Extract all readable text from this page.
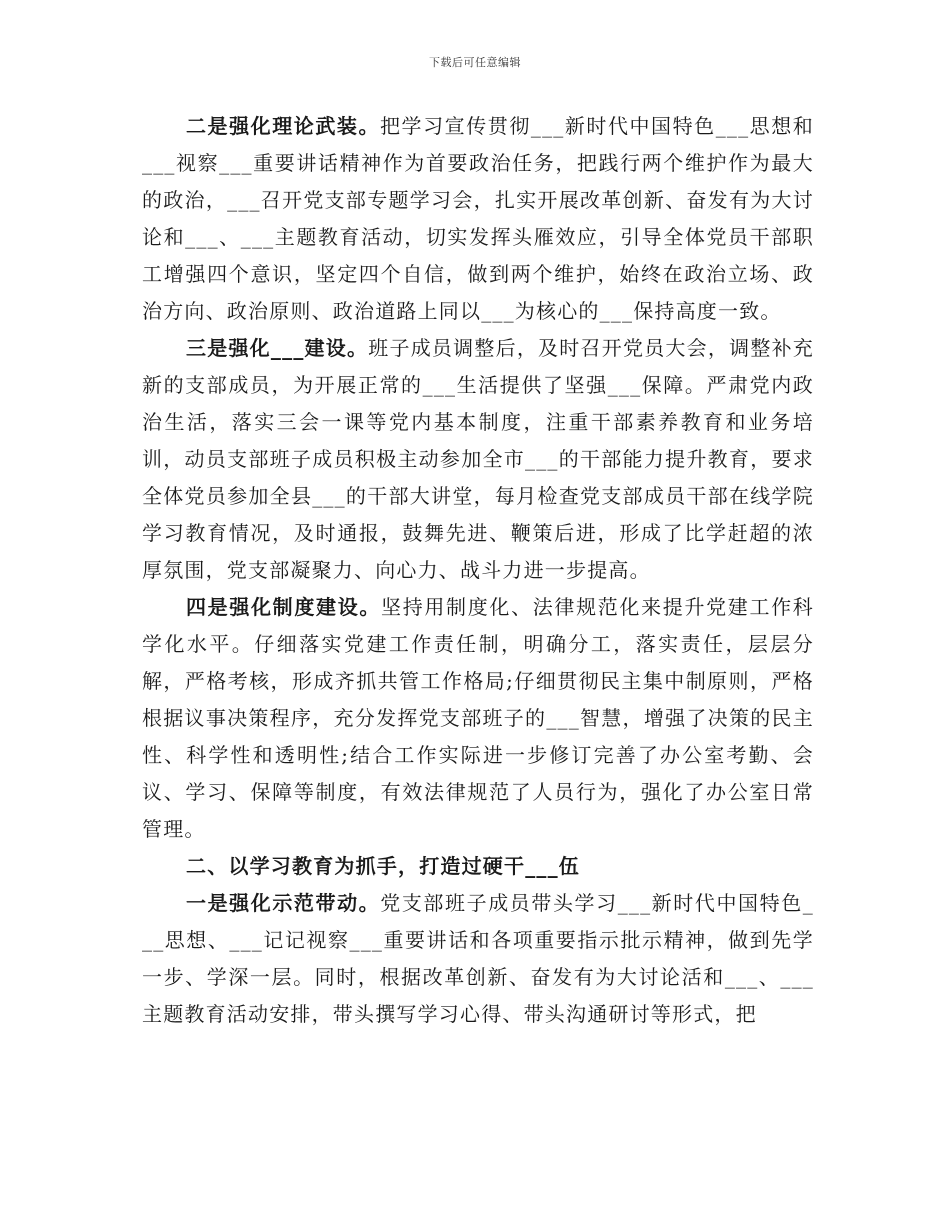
下载后可任意编辑

二是强化理论武装。把学习宣传贯彻___新时代中国特色___思想和___视察___重要讲话精神作为首要政治任务，把践行两个维护作为最大的政治，___召开党支部专题学习会，扎实开展改革创新、奋发有为大讨论和___、___主题教育活动，切实发挥头雁效应，引导全体党员干部职工增强四个意识，坚定四个自信，做到两个维护，始终在政治立场、政治方向、政治原则、政治道路上同以___为核心的___保持高度一致。

三是强化___建设。班子成员调整后，及时召开党员大会，调整补充新的支部成员，为开展正常的___生活提供了坚强___保障。严肃党内政治生活，落实三会一课等党内基本制度，注重干部素养教育和业务培训，动员支部班子成员积极主动参加全市___的干部能力提升教育，要求全体党员参加全县___的干部大讲堂，每月检查党支部成员干部在线学院学习教育情况，及时通报，鼓舞先进、鞭策后进，形成了比学赶超的浓厚氛围，党支部凝聚力、向心力、战斗力进一步提高。

四是强化制度建设。坚持用制度化、法律规范化来提升党建工作科学化水平。仔细落实党建工作责任制，明确分工，落实责任，层层分解，严格考核，形成齐抓共管工作格局;仔细贯彻民主集中制原则，严格根据议事决策程序，充分发挥党支部班子的___智慧，增强了决策的民主性、科学性和透明性;结合工作实际进一步修订完善了办公室考勤、会议、学习、保障等制度，有效法律规范了人员行为，强化了办公室日常管理。

二、以学习教育为抓手，打造过硬干___伍

一是强化示范带动。党支部班子成员带头学习___新时代中国特色___思想、___记记视察___重要讲话和各项重要指示批示精神，做到先学一步、学深一层。同时，根据改革创新、奋发有为大讨论活和___、___主题教育活动安排，带头撰写学习心得、带头沟通研讨等形式，把
